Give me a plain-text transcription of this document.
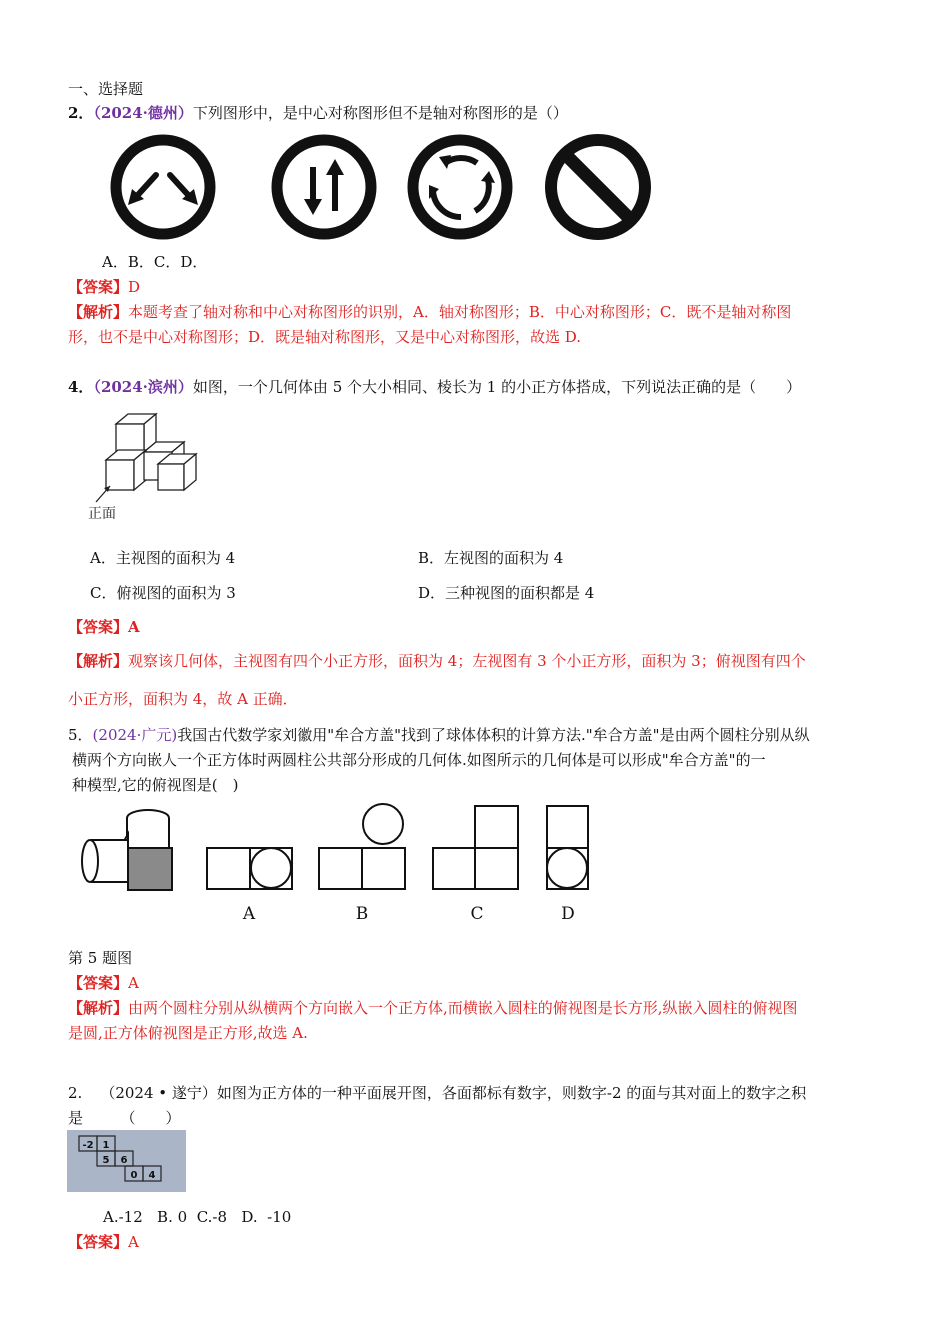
一、选择题
2．（2024·德州）下列图形中，是中心对称图形但不是轴对称图形的是（）
A．B．C．D．
【答案】D
【解析】本题考查了轴对称和中心对称图形的识别，A．轴对称图形；B．中心对称图形；C．既不是轴对称图
形，也不是中心对称图形；D．既是轴对称图形，又是中心对称图形，故选 D.
4．（2024·滨州）如图，一个几何体由 5 个大小相同、棱长为 1 的小正方体搭成，下列说法正确的是（　　）
正面
A．主视图的面积为 4	B．左视图的面积为 4
C．俯视图的面积为 3	D．三种视图的面积都是 4
【答案】A
【解析】观察该几何体，主视图有四个小正方形，面积为 4；左视图有 3 个小正方形，面积为 3；俯视图有四个
小正方形，面积为 4，故 A 正确．
5．(2024·广元)我国古代数学家刘徽用"牟合方盖"找到了球体体积的计算方法."牟合方盖"是由两个圆柱分别从纵
横两个方向嵌人一个正方体时两圆柱公共部分形成的几何体.如图所示的几何体是可以形成"牟合方盖"的一
种模型,它的俯视图是(　)
A	B	C	D
第 5 题图
【答案】A
【解析】由两个圆柱分别从纵横两个方向嵌入一个正方体,而横嵌入圆柱的俯视图是长方形,纵嵌入圆柱的俯视图
是圆,正方体俯视图是正方形,故选 A.
2. （2024 • 遂宁）如图为正方体的一种平面展开图，各面都标有数字，则数字-2 的面与其对面上的数字之积
是　　　（　　）
-2 1
5 6
0 4
A.-12   B. 0  C.-8   D.  -10
【答案】A
